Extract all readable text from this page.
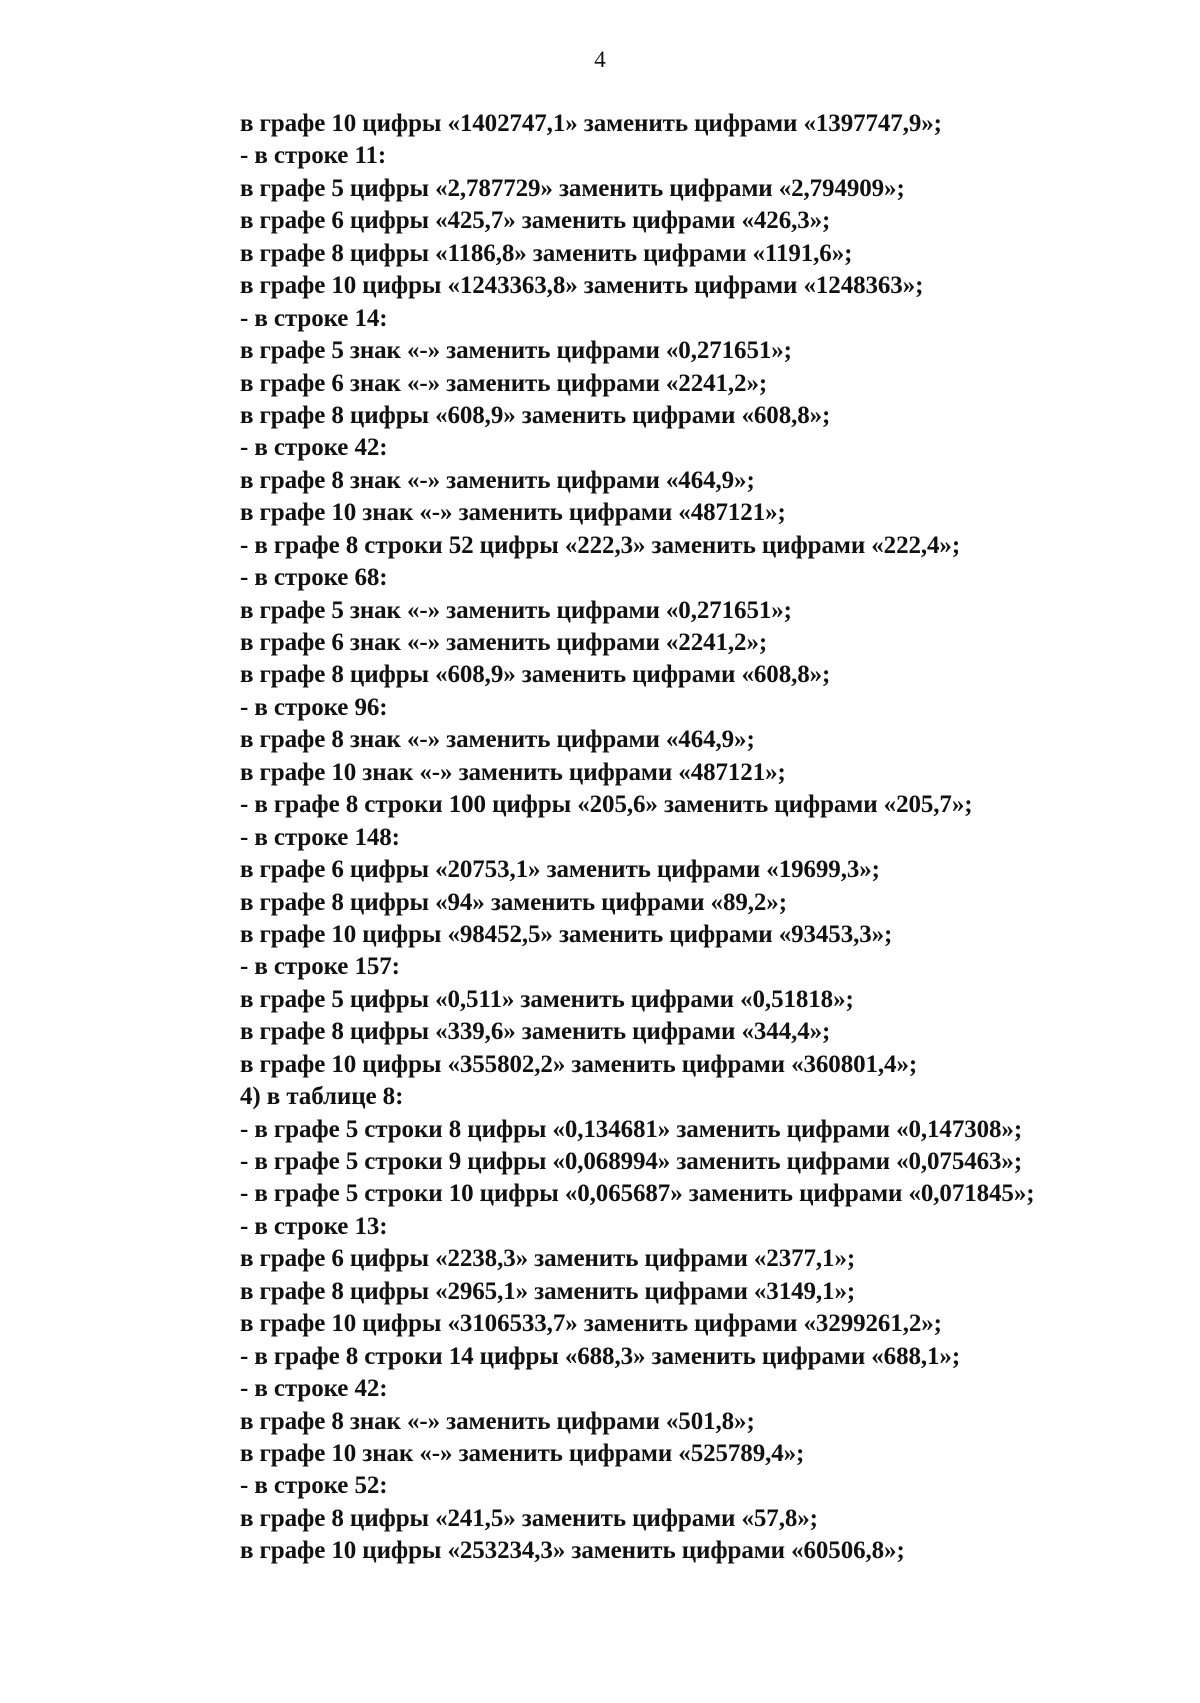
4
в графе 10 цифры «1402747,1» заменить цифрами «1397747,9»;
- в строке 11:
в графе 5 цифры «2,787729» заменить цифрами «2,794909»;
в графе 6 цифры «425,7» заменить цифрами «426,3»;
в графе 8 цифры «1186,8» заменить цифрами «1191,6»;
в графе 10 цифры «1243363,8» заменить цифрами «1248363»;
- в строке 14:
в графе 5 знак «-» заменить цифрами «0,271651»;
в графе 6 знак «-» заменить цифрами «2241,2»;
в графе 8 цифры «608,9» заменить цифрами «608,8»;
- в строке 42:
в графе 8 знак «-» заменить цифрами «464,9»;
в графе 10 знак «-» заменить цифрами «487121»;
- в графе 8 строки 52 цифры «222,3» заменить цифрами «222,4»;
- в строке 68:
в графе 5 знак «-» заменить цифрами «0,271651»;
в графе 6 знак «-» заменить цифрами «2241,2»;
в графе 8 цифры «608,9» заменить цифрами «608,8»;
- в строке 96:
в графе 8 знак «-» заменить цифрами «464,9»;
в графе 10 знак «-» заменить цифрами «487121»;
- в графе 8 строки 100 цифры «205,6» заменить цифрами «205,7»;
- в строке 148:
в графе 6 цифры «20753,1» заменить цифрами «19699,3»;
в графе 8 цифры «94» заменить цифрами «89,2»;
в графе 10 цифры «98452,5» заменить цифрами «93453,3»;
- в строке 157:
в графе 5 цифры «0,511» заменить цифрами «0,51818»;
в графе 8 цифры «339,6» заменить цифрами «344,4»;
в графе 10 цифры «355802,2» заменить цифрами «360801,4»;
4) в таблице 8:
- в графе 5 строки 8 цифры «0,134681» заменить цифрами «0,147308»;
- в графе 5 строки 9 цифры «0,068994» заменить цифрами «0,075463»;
- в графе 5 строки 10 цифры «0,065687» заменить цифрами «0,071845»;
- в строке 13:
в графе 6 цифры «2238,3» заменить цифрами «2377,1»;
в графе 8 цифры «2965,1» заменить цифрами «3149,1»;
в графе 10 цифры «3106533,7» заменить цифрами «3299261,2»;
- в графе 8 строки 14 цифры «688,3» заменить цифрами «688,1»;
- в строке 42:
в графе 8 знак «-» заменить цифрами «501,8»;
в графе 10 знак «-» заменить цифрами «525789,4»;
- в строке 52:
в графе 8 цифры «241,5» заменить цифрами «57,8»;
в графе 10 цифры «253234,3» заменить цифрами «60506,8»;
